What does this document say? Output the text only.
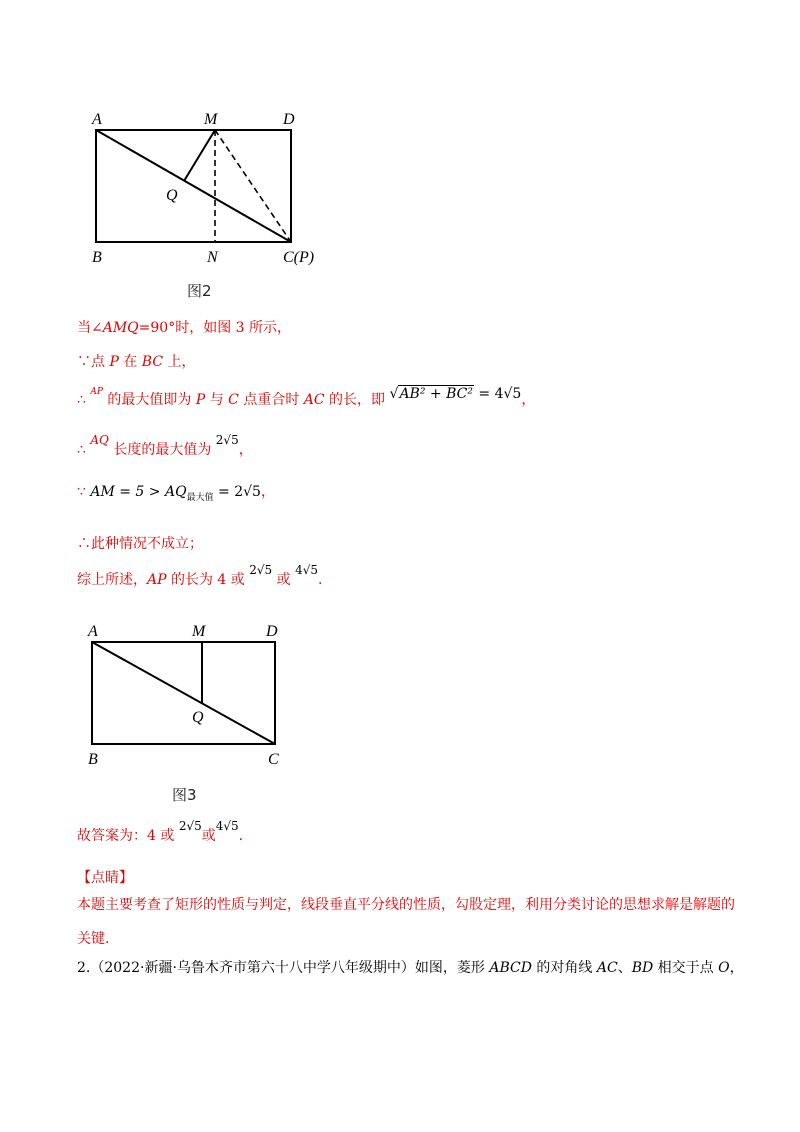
A	M	D
Q
B	N	C(P)
图2
当∠AMQ=90°时，如图 3 所示，
∵点 P 在 BC 上，
∴ $^{AP}$ 的最大值即为 P 与 C 点重合时 AC 的长，即 √AB² + BC² = 4√5，
∴ AQ 长度的最大值为 2√5，
∵ AM = $5 > AQ_{最大值} = 2√5$，
∴此种情况不成立；
综上所述，AP 的长为 4 或 2√5 或 4√5.
A	M	D
Q
B	C
图3
故答案为：4 或 2√5或4√5.
【点睛】
本题主要考查了矩形的性质与判定，线段垂直平分线的性质，勾股定理，利用分类讨论的思想求解是解题的关键.
2.（2022·新疆·乌鲁木齐市第六十八中学八年级期中）如图，菱形 ABCD 的对角线 AC、BD 相交于点 O，
